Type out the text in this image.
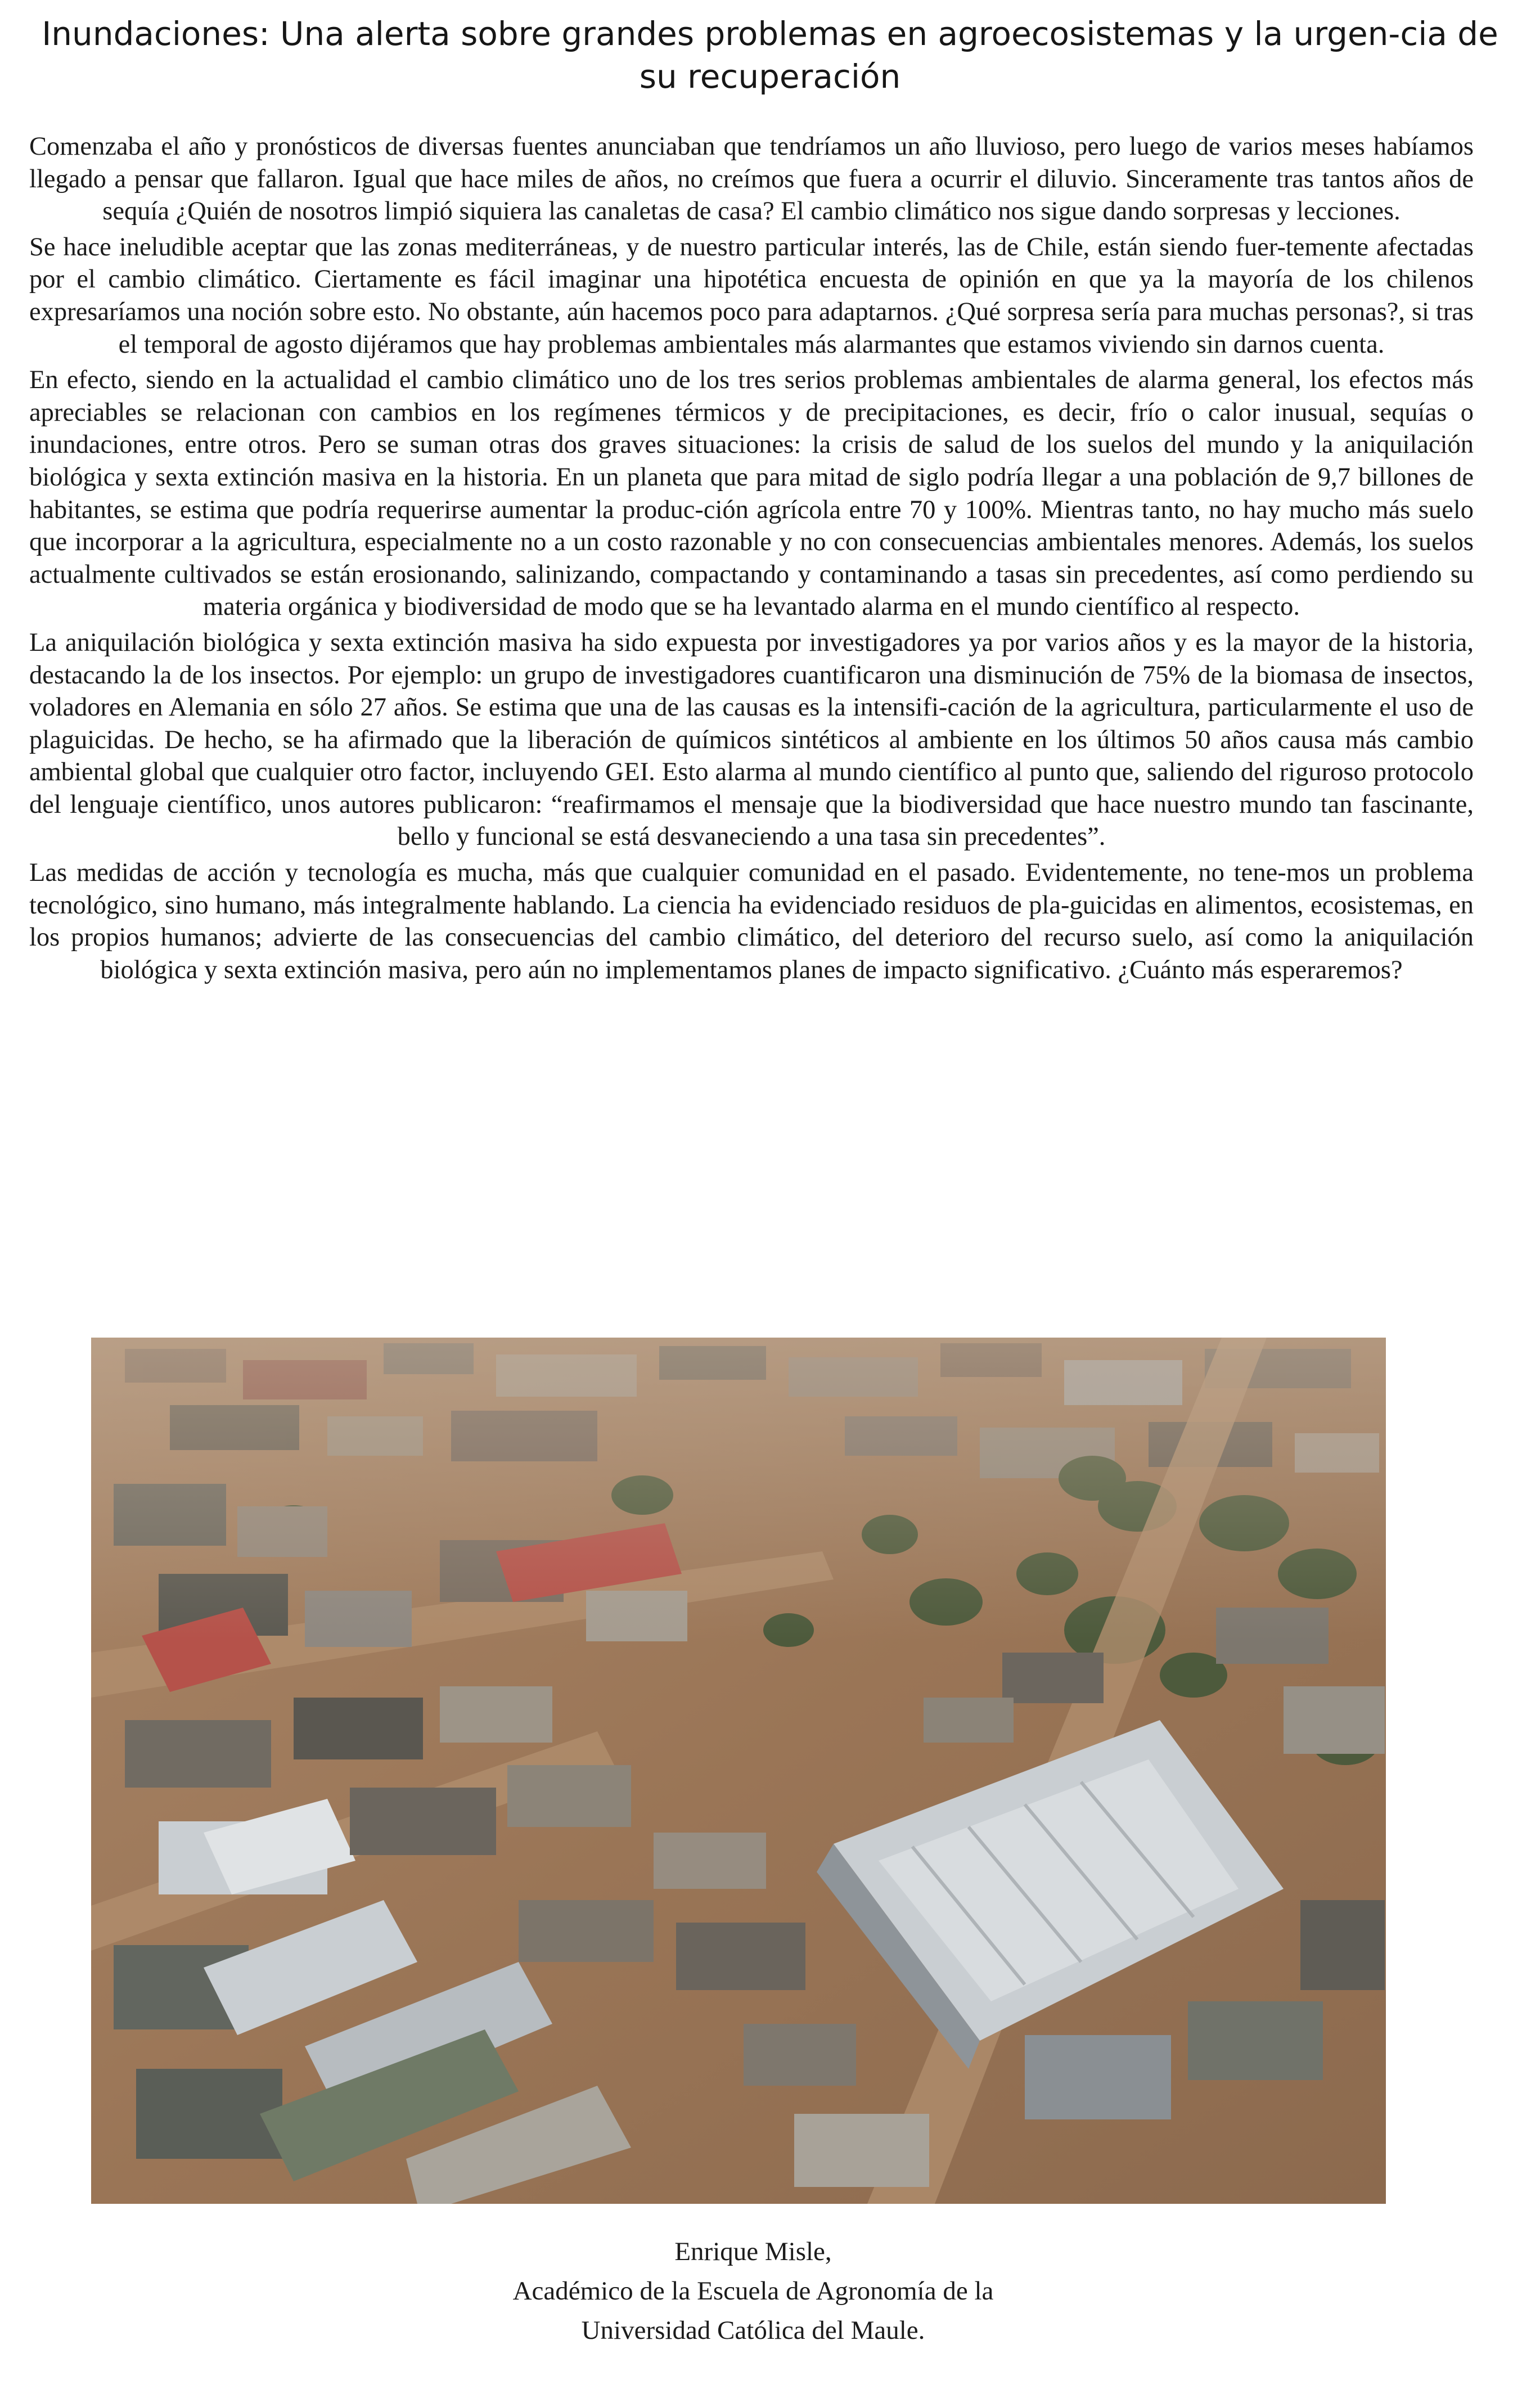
Inundaciones: Una alerta sobre grandes problemas en agroecosistemas y la urgen-cia de su recuperación

Comenzaba el año y pronósticos de diversas fuentes anunciaban que tendríamos un año lluvioso, pero luego de varios meses habíamos llegado a pensar que fallaron. Igual que hace miles de años, no creímos que fuera a ocurrir el diluvio. Sinceramente tras tantos años de sequía ¿Quién de nosotros limpió siquiera las canaletas de casa? El cambio climático nos sigue dando sorpresas y lecciones.

Se hace ineludible aceptar que las zonas mediterráneas, y de nuestro particular interés, las de Chile, están siendo fuer-temente afectadas por el cambio climático. Ciertamente es fácil imaginar una hipotética encuesta de opinión en que ya la mayoría de los chilenos expresaríamos una noción sobre esto. No obstante, aún hacemos poco para adaptarnos. ¿Qué sorpresa sería para muchas personas?, si tras el temporal de agosto dijéramos que hay problemas ambientales más alarmantes que estamos viviendo sin darnos cuenta.

En efecto, siendo en la actualidad el cambio climático uno de los tres serios problemas ambientales de alarma general, los efectos más apreciables se relacionan con cambios en los regímenes térmicos y de precipitaciones, es decir, frío o calor inusual, sequías o inundaciones, entre otros. Pero se suman otras dos graves situaciones: la crisis de salud de los suelos del mundo y la aniquilación biológica y sexta extinción masiva en la historia. En un planeta que para mitad de siglo podría llegar a una población de 9,7 billones de habitantes, se estima que podría requerirse aumentar la produc-ción agrícola entre 70 y 100%. Mientras tanto, no hay mucho más suelo que incorporar a la agricultura, especialmente no a un costo razonable y no con consecuencias ambientales menores. Además, los suelos actualmente cultivados se están erosionando, salinizando, compactando y contaminando a tasas sin precedentes, así como perdiendo su materia orgánica y biodiversidad de modo que se ha levantado alarma en el mundo científico al respecto.

La aniquilación biológica y sexta extinción masiva ha sido expuesta por investigadores ya por varios años y es la mayor de la historia, destacando la de los insectos. Por ejemplo: un grupo de investigadores cuantificaron una disminución de 75% de la biomasa de insectos, voladores en Alemania en sólo 27 años. Se estima que una de las causas es la intensifi-cación de la agricultura, particularmente el uso de plaguicidas. De hecho, se ha afirmado que la liberación de químicos sintéticos al ambiente en los últimos 50 años causa más cambio ambiental global que cualquier otro factor, incluyendo GEI. Esto alarma al mundo científico al punto que, saliendo del riguroso protocolo del lenguaje científico, unos autores publicaron: “reafirmamos el mensaje que la biodiversidad que hace nuestro mundo tan fascinante, bello y funcional se está desvaneciendo a una tasa sin precedentes”.

Las medidas de acción y tecnología es mucha, más que cualquier comunidad en el pasado. Evidentemente, no tene-mos un problema tecnológico, sino humano, más integralmente hablando. La ciencia ha evidenciado residuos de pla-guicidas en alimentos, ecosistemas, en los propios humanos; advierte de las consecuencias del cambio climático, del deterioro del recurso suelo, así como la aniquilación biológica y sexta extinción masiva, pero aún no implementamos planes de impacto significativo. ¿Cuánto más esperaremos?

Enrique Misle,
Académico de la Escuela de Agronomía de la
Universidad Católica del Maule.
